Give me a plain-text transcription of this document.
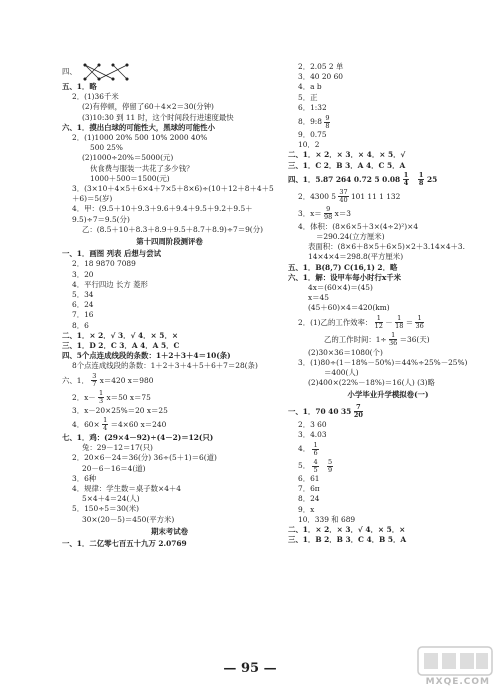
四、
五、1．略
2．(1)36千米
(2)有停顿，停留了60＋4×2＝30(分钟)
(3)10:30 到 11 时，这个时间段行进速度最快
六、1．摸出白球的可能性大，黑球的可能性小
2．(1)1000 20% 500 10% 2000 40%
500 25%
(2)1000÷20%＝5000(元)
伙食费与服装一共花了多少钱？
1000＋500＝1500(元)
3．(3×10＋4×5＋6×4＋7×5＋8×6)÷(10＋12＋8＋4＋5＋6)＝5(岁)
4．甲：(9.5＋10＋9.3＋9.6＋9.4＋9.5＋9.2＋9.5＋9.5)÷7＝9.5(分)
乙：(8.5＋10＋8.3＋8.9＋9.5＋8.7＋8.9)÷7＝9(分)
第十四周阶段测评卷
一、1．画图 列表 后想与尝试
2．18 9870 7089
3．20
4．平行四边 长方 菱形
5．34
6．24
7．16
8．6
二、1．× 2．√ 3．√ 4．× 5．×
三、1．D 2．C 3．A 4．A 5．C
四、5个点连成线段的条数：1＋2＋3＋4＝10(条)
8个点连成线段的条数：1＋2＋3＋4＋5＋6＋7＝28(条)
六、1． $\frac{3}{7} x=420$ x＝980
2．$x- \frac{1}{3} x=50$ x＝75
3．x－20×25%＝20 x＝25
4．$60\times \frac{1}{4} =4\times 60$ x＝240
七、1．鸡：(29×4－92)÷(4－2)＝12(只)
兔：29－12＝17(只)
2．20×6－24＝36(分) 36÷(5＋1)＝6(道)
20－6－16＝4(道)
3．6种
4．规律：学生数＝桌子数×4＋4
5×4＋4＝24(人)
5．150÷5＝30(米)
30×(20－5)＝450(平方米)
期末考试卷
一、1．二亿零七百五十九万 2.0769
2．2.05 2 单
3．40 20 60
4．a b
5．正
6．1:32
8．9:8 $\frac{9}{8}$
9．0.75
10．2
二、1．× 2．× 3．× 4．× 5．√
三、1．C 2．B 3．A 4．C 5．A
四、1．5.87 264 0.72 5 $0.08 \frac{1}{4}$
$\frac{1}{8} 25$
2．4300 $5 \frac{37}{40} 101$ 11 1 132
3．$x= \frac{9}{98} x=3$
4．体积：(8×6×5＋3×(4÷2)²)×4
＝290.24(立方厘米)
表面积：(8×6＋8×5＋6×5)×2＋3.14×4＋3.
14×4×4＝298.8(平方厘米)
五、1．B(8,7) C(16,1) 2．略
六、1．解：设甲车每小时行x千米
4x＝(60×4)＝(45)
x＝45
(45＋60)×4＝420(km)
2．(1)乙的工作效率： $\frac{1}{12} - \frac{1}{18} = \frac{1}{36}$
乙的工作时间：$1\div \frac{1}{36} =36$(天)
(2)30×36＝1080(个)
3．(1)80÷(1－18%－50%)＝44%÷25%－25%)
＝400(人)
(2)400×(22%－18%)＝16(人) (3)略
小学毕业升学模拟卷(一)
一、1．70 40 $35 \frac{7}{20}$
2．3 60
3．4.03
4． $\frac{1}{6}$
5． $\frac{4}{5}$
$\frac{5}{9}$
6．61
7．6π
8．24
9．x
10．339 和 689
二、1．× 2．× 3．√ 4．× 5．×
三、1．B 2．B 3．C 4．B 5．A
— 95 —
MXQE.COM
